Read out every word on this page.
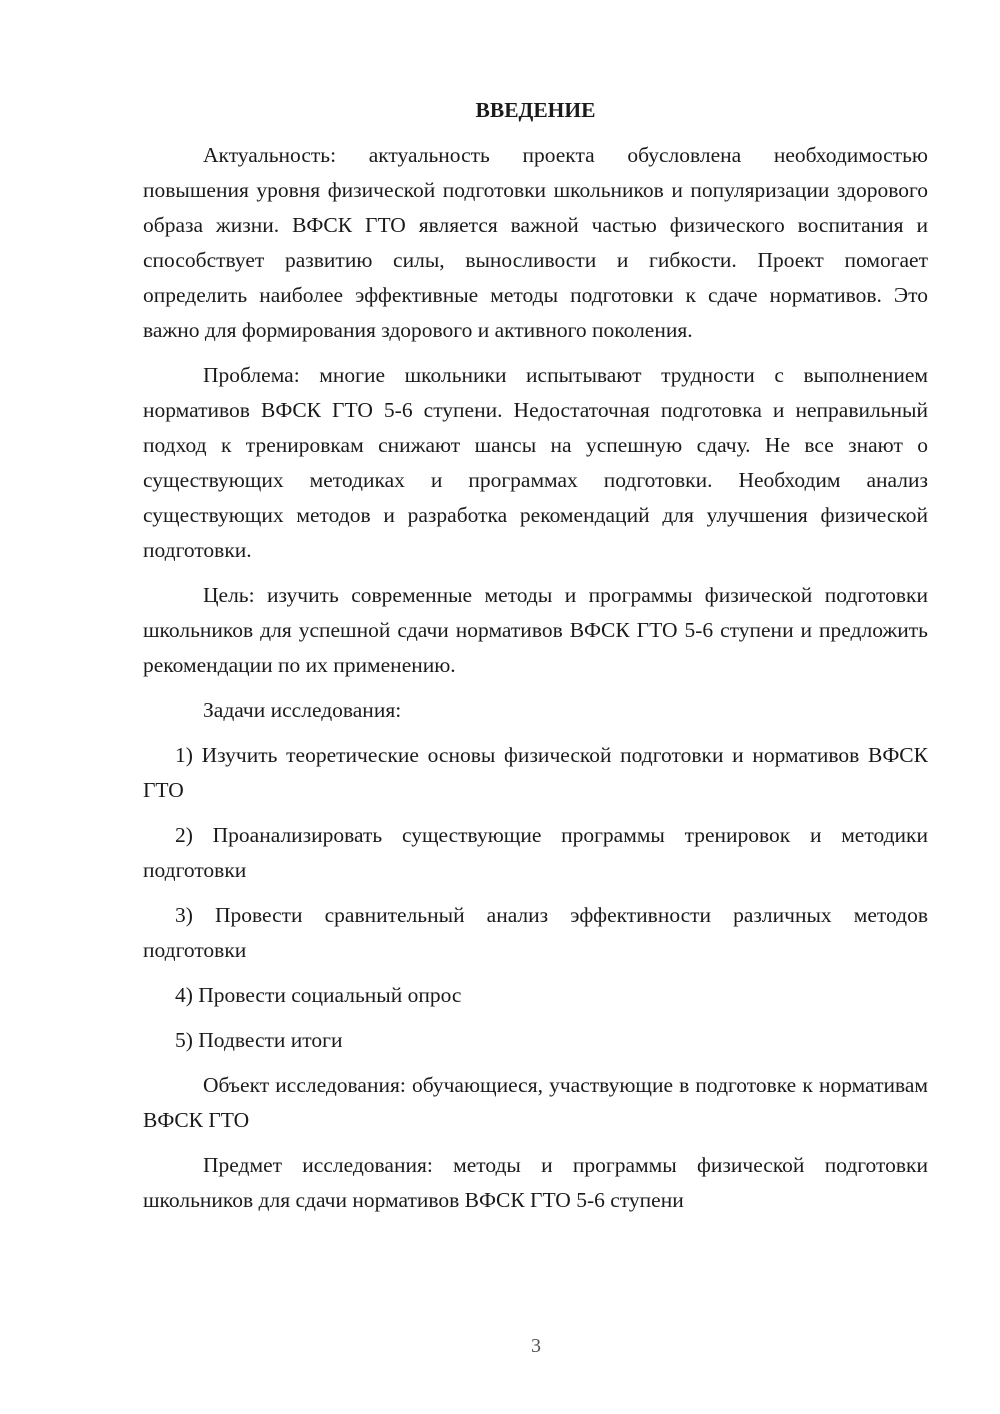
ВВЕДЕНИЕ

Актуальность: актуальность проекта обусловлена необходимостью повышения уровня физической подготовки школьников и популяризации здорового образа жизни. ВФСК ГТО является важной частью физического воспитания и способствует развитию силы, выносливости и гибкости. Проект помогает определить наиболее эффективные методы подготовки к сдаче нормативов. Это важно для формирования здорового и активного поколения.

Проблема: многие школьники испытывают трудности с выполнением нормативов ВФСК ГТО 5-6 ступени. Недостаточная подготовка и неправильный подход к тренировкам снижают шансы на успешную сдачу. Не все знают о существующих методиках и программах подготовки. Необходим анализ существующих методов и разработка рекомендаций для улучшения физической подготовки.

Цель: изучить современные методы и программы физической подготовки школьников для успешной сдачи нормативов ВФСК ГТО 5-6 ступени и предложить рекомендации по их применению.

Задачи исследования:

1) Изучить теоретические основы физической подготовки и нормативов ВФСК ГТО

2) Проанализировать существующие программы тренировок и методики подготовки

3) Провести сравнительный анализ эффективности различных методов подготовки

4) Провести социальный опрос

5) Подвести итоги

Объект исследования: обучающиеся, участвующие в подготовке к нормативам ВФСК ГТО

Предмет исследования: методы и программы физической подготовки школьников для сдачи нормативов ВФСК ГТО 5-6 ступени

3
